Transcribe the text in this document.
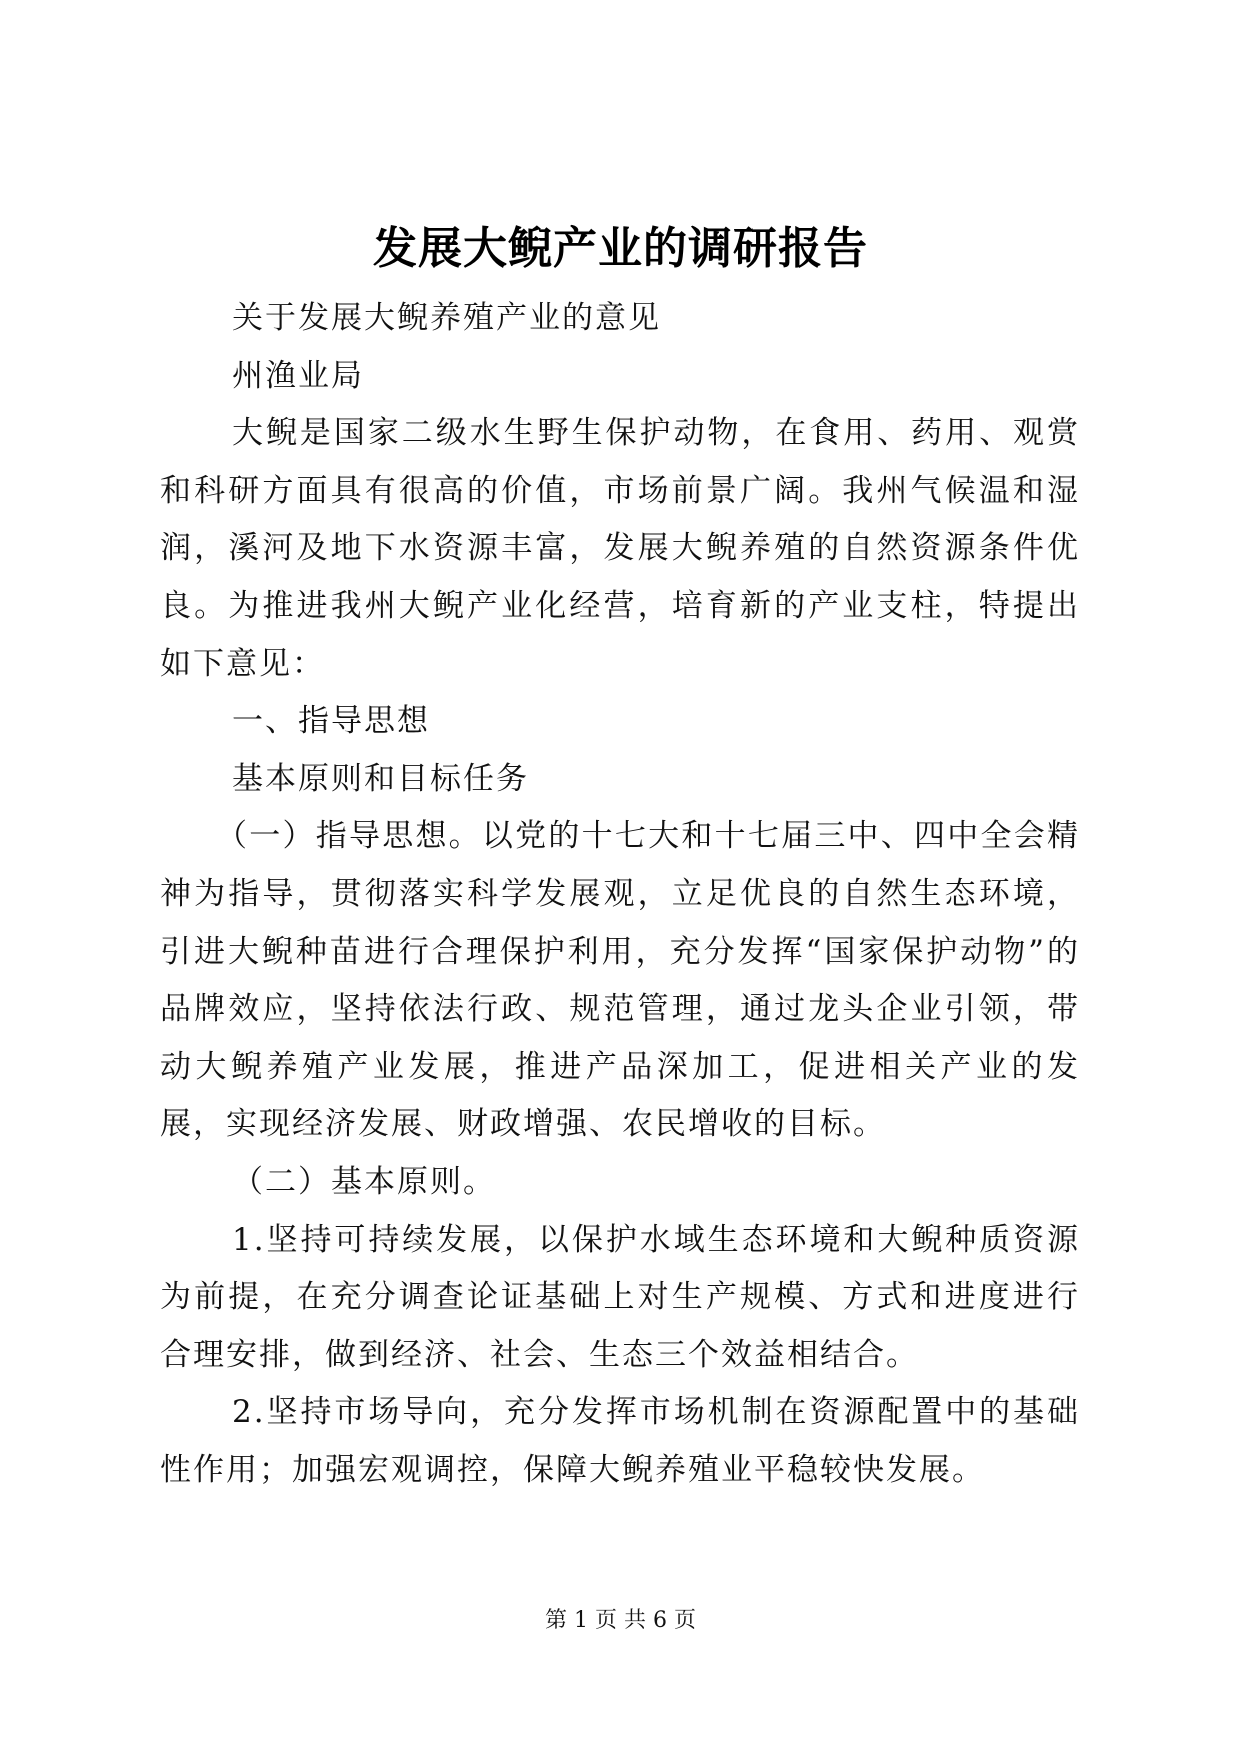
发展大鲵产业的调研报告

关于发展大鲵养殖产业的意见

州渔业局

大鲵是国家二级水生野生保护动物，在食用、药用、观赏和科研方面具有很高的价值，市场前景广阔。我州气候温和湿润，溪河及地下水资源丰富，发展大鲵养殖的自然资源条件优良。为推进我州大鲵产业化经营，培育新的产业支柱，特提出如下意见：

一、指导思想

基本原则和目标任务

（一）指导思想。以党的十七大和十七届三中、四中全会精神为指导，贯彻落实科学发展观，立足优良的自然生态环境，引进大鲵种苗进行合理保护利用，充分发挥“国家保护动物”的品牌效应，坚持依法行政、规范管理，通过龙头企业引领，带动大鲵养殖产业发展，推进产品深加工，促进相关产业的发展，实现经济发展、财政增强、农民增收的目标。

（二）基本原则。

1.坚持可持续发展，以保护水域生态环境和大鲵种质资源为前提，在充分调查论证基础上对生产规模、方式和进度进行合理安排，做到经济、社会、生态三个效益相结合。

2.坚持市场导向，充分发挥市场机制在资源配置中的基础性作用；加强宏观调控，保障大鲵养殖业平稳较快发展。

第 1 页 共 6 页
